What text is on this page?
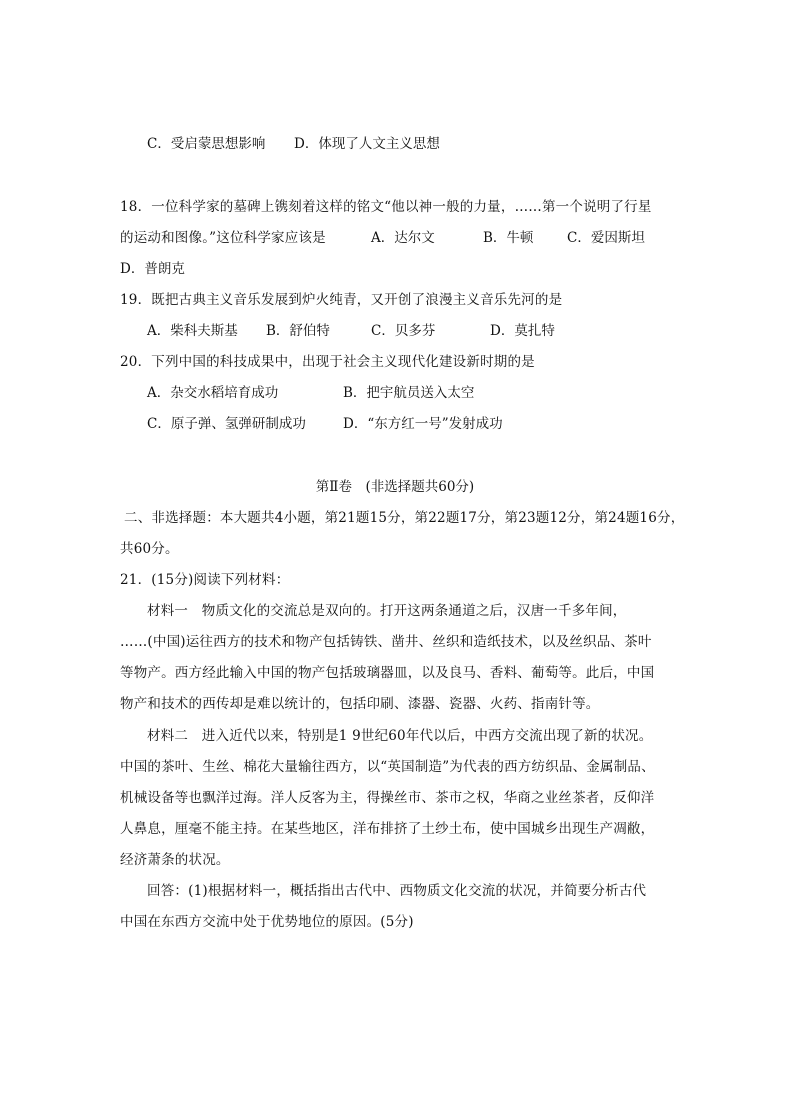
C．受启蒙思想影响 D．体现了人文主义思想
18．一位科学家的墓碑上镌刻着这样的铭文“他以神一般的力量，……第一个说明了行星
的运动和图像。”这位科学家应该是	A．达尔文	B．牛顿 C．爱因斯坦
D．普朗克
19．既把古典主义音乐发展到炉火纯青，又开创了浪漫主义音乐先河的是
A．柴科夫斯基 B．舒伯特	C．贝多芬	D．莫扎特
20．下列中国的科技成果中，出现于社会主义现代化建设新时期的是
A．杂交水稻培育成功	B．把宇航员送入太空
C．原子弹、氢弹研制成功	D．“东方红一号”发射成功
第Ⅱ卷　(非选择题共60分)
二、非选择题：本大题共4小题，第21题15分，第22题17分，第23题12分，第24题16分，
共60分。
21．(15分)阅读下列材料：
材料一　物质文化的交流总是双向的。打开这两条通道之后，汉唐一千多年间，
……(中国)运往西方的技术和物产包括铸铁、凿井、丝织和造纸技术，以及丝织品、茶叶
等物产。西方经此输入中国的物产包括玻璃器皿，以及良马、香料、葡萄等。此后，中国
物产和技术的西传却是难以统计的，包括印刷、漆器、瓷器、火药、指南针等。
材料二　进入近代以来，特别是1 9世纪60年代以后，中西方交流出现了新的状况。
中国的茶叶、生丝、棉花大量输往西方，以“英国制造”为代表的西方纺织品、金属制品、
机械设备等也飘洋过海。洋人反客为主，得操丝市、茶市之权，华商之业丝茶者，反仰洋
人鼻息，厘毫不能主持。在某些地区，洋布排挤了土纱土布，使中国城乡出现生产凋敝，
经济萧条的状况。
回答：(1)根据材料一，概括指出古代中、西物质文化交流的状况，并简要分析古代
中国在东西方交流中处于优势地位的原因。(5分)
